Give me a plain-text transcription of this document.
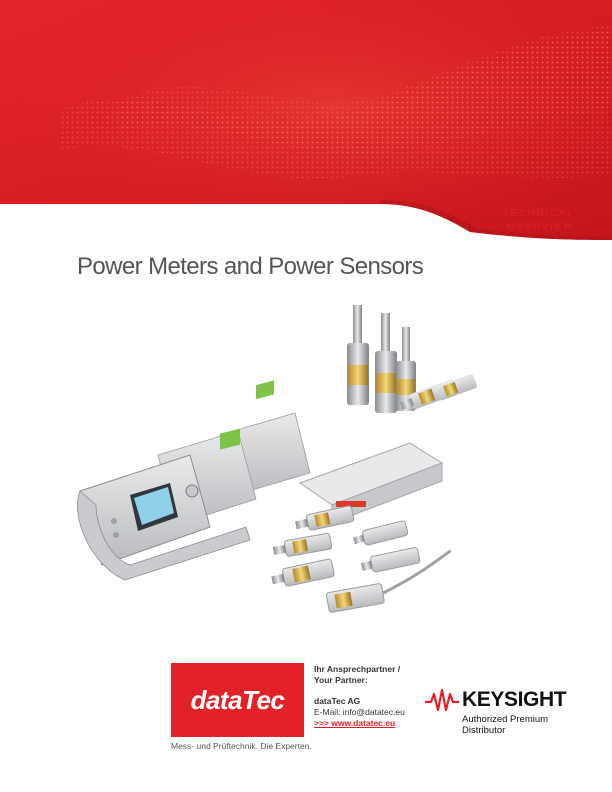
TECHNICAL
OVERVIEW
Power Meters and Power Sensors
dataTec
Mess- und Prüftechnik. Die Experten.
Ihr Ansprechpartner /
Your Partner:
dataTec AG
E-Mail: info@datatec.eu
>>> www.datatec.eu
KEYSIGHT
Authorized Premium
Distributor
